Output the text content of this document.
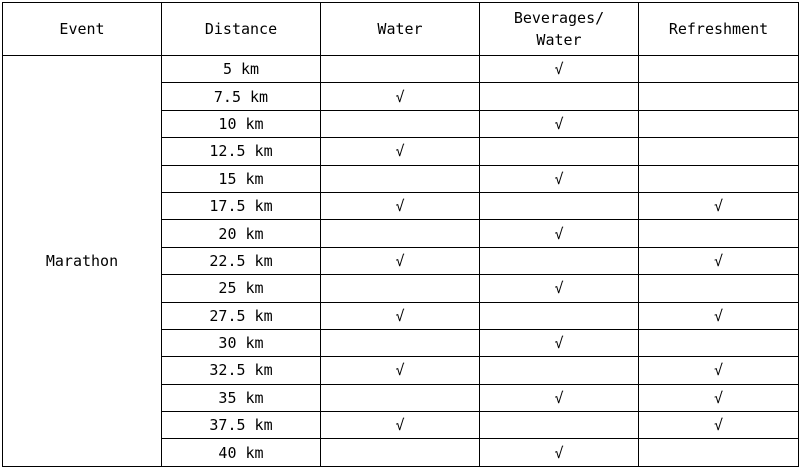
Event	Distance	Water	Beverages/
Water	Refreshment
Marathon	5 km		√	
	7.5 km	√		
	10 km		√	
	12.5 km	√		
	15 km		√	
	17.5 km	√		√
	20 km		√	
	22.5 km	√		√
	25 km		√	
	27.5 km	√		√
	30 km		√	
	32.5 km	√		√
	35 km		√	√
	37.5 km	√		√
	40 km		√	
